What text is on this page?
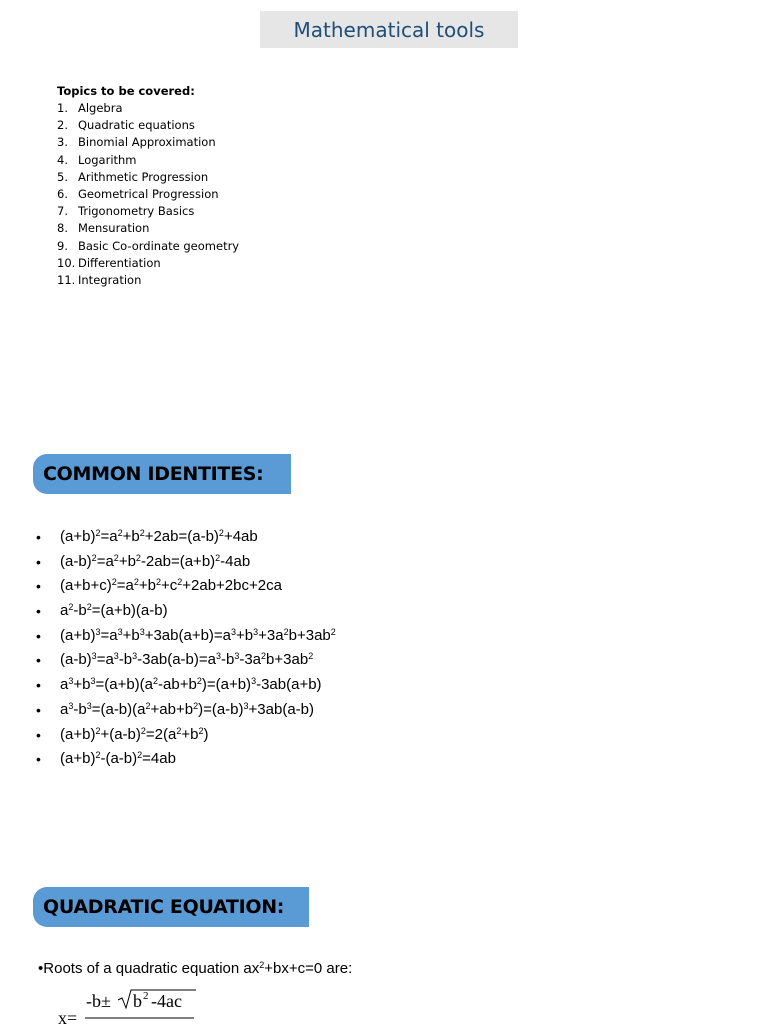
Mathematical tools
Topics to be covered:
1. Algebra
2. Quadratic equations
3. Binomial Approximation
4. Logarithm
5. Arithmetic Progression
6. Geometrical Progression
7. Trigonometry Basics
8. Mensuration
9. Basic Co-ordinate geometry
10. Differentiation
11. Integration
COMMON IDENTITES:
•	$(a+b)^2=a^2+b^2+2ab=(a-b)^2+4ab$
•	$(a-b)^2=a^2+b^2-2ab=(a+b)^2-4ab$
•	$(a+b+c)^2=a^2+b^2+c^2+2ab+2bc+2ca$
•	$a^2-b^2=(a+b)(a-b)$
•	$(a+b)^3=a^3+b^3+3ab(a+b)=a^3+b^3+3a^2b+3ab^2$
•	$(a-b)^3=a^3-b^3-3ab(a-b)=a^3-b^3-3a^2b+3ab^2$
•	$a^3+b^3=(a+b)(a^2-ab+b^2)=(a+b)^3-3ab(a+b)$
•	$a^3-b^3=(a-b)(a^2+ab+b^2)=(a-b)^3+3ab(a-b)$
•	$(a+b)^2+(a-b)^2=2(a^2+b^2)$
•	$(a+b)^2-(a-b)^2=4ab$
QUADRATIC EQUATION:
•Roots of a quadratic equation $ax^2+bx+c=0$ are:
x=
-b± b 2 -4ac
